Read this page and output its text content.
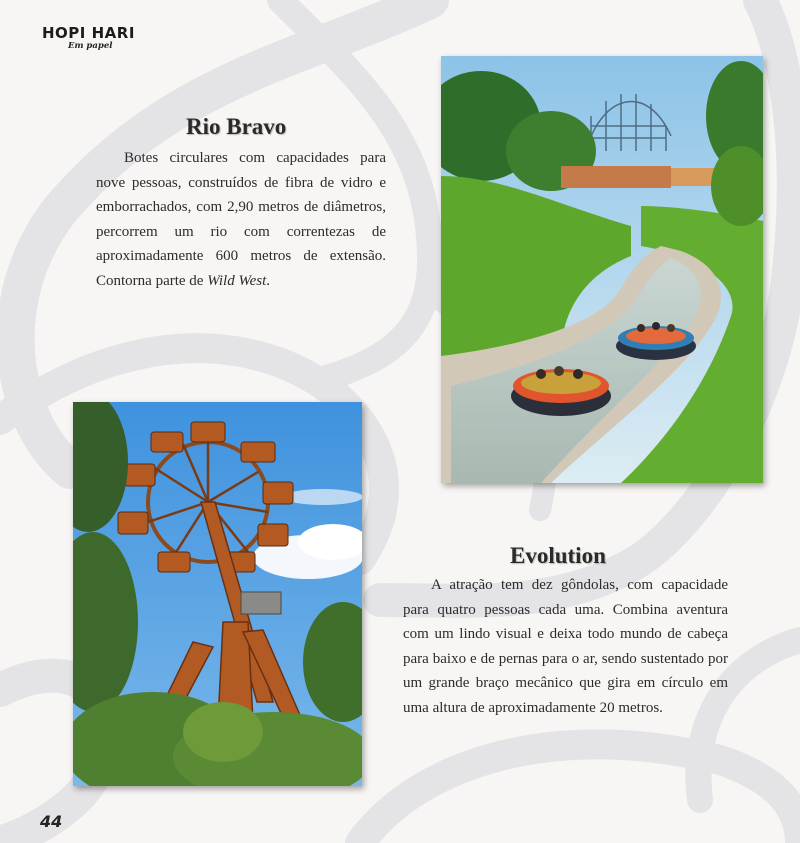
HOPI HARI
Em papel
Rio Bravo
Botes circulares com capacidades para nove pessoas, construídos de fibra de vidro e emborrachados, com 2,90 metros de diâmetros, percorrem um rio com correntezas de aproximadamente 600 metros de extensão. Contorna parte de Wild West.
Evolution
A atração tem dez gôndolas, com capacidade para quatro pessoas cada uma. Combina aventura com um lindo visual e deixa todo mundo de cabeça para baixo e de pernas para o ar, sendo sustentado por um grande braço mecânico que gira em círculo em uma altura de aproximadamente 20 metros.
44
